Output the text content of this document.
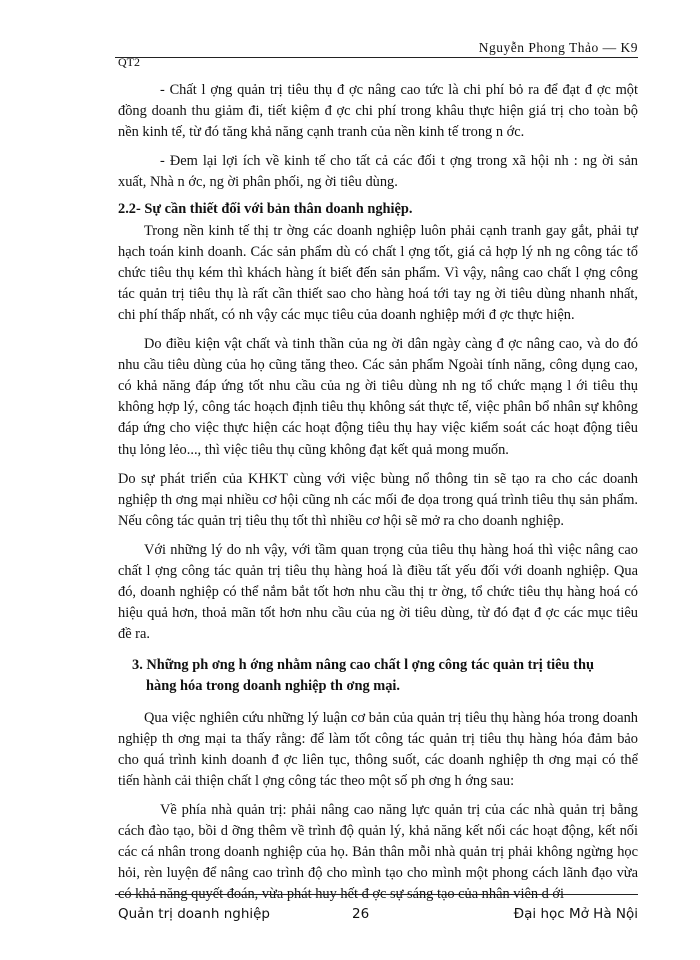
Nguyễn Phong Thảo — K9
QT2

- Chất l ợng quản trị tiêu thụ đ ợc nâng cao tức là chi phí bỏ ra để đạt đ ợc một đồng doanh thu giảm đi, tiết kiệm đ ợc chi phí trong khâu thực hiện giá trị cho toàn bộ nền kinh tế, từ đó tăng khả năng cạnh tranh của nền kinh tế trong n ớc.

- Đem lại lợi ích về kinh tế cho tất cả các đối t ợng trong xã hội nh : ng ời sản xuất, Nhà n ớc, ng ời phân phối, ng ời tiêu dùng.

2.2- Sự cần thiết đối với bản thân doanh nghiệp.

Trong nền kinh tế thị tr ờng các doanh nghiệp luôn phải cạnh tranh gay gắt, phải tự hạch toán kinh doanh. Các sản phẩm dù có chất l ợng tốt, giá cả hợp lý nh ng công tác tổ chức tiêu thụ kém thì khách hàng ít biết đến sản phẩm. Vì vậy, nâng cao chất l ợng công tác quản trị tiêu thụ là rất cần thiết sao cho hàng hoá tới tay ng ời tiêu dùng nhanh nhất, chi phí thấp nhất, có nh vậy các mục tiêu của doanh nghiệp mới đ ợc thực hiện.

Do điều kiện vật chất và tinh thần của ng ời dân ngày càng đ ợc nâng cao, và do đó nhu cầu tiêu dùng của họ cũng tăng theo. Các sản phẩm Ngoài tính năng, công dụng cao, có khả năng đáp ứng tốt nhu cầu của ng ời tiêu dùng nh ng tổ chức mạng l ới tiêu thụ không hợp lý, công tác hoạch định tiêu thụ không sát thực tế, việc phân bổ nhân sự không đáp ứng cho việc thực hiện các hoạt động tiêu thụ hay việc kiểm soát các hoạt động tiêu thụ lỏng lẻo..., thì việc tiêu thụ cũng không đạt kết quả mong muốn.

Do sự phát triển của KHKT cùng với việc bùng nổ thông tin sẽ tạo ra cho các doanh nghiệp th ơng mại nhiều cơ hội cũng nh các mối đe dọa trong quá trình tiêu thụ sản phẩm. Nếu công tác quản trị tiêu thụ tốt thì nhiều cơ hội sẽ mở ra cho doanh nghiệp.

Với những lý do nh vậy, với tầm quan trọng của tiêu thụ hàng hoá thì việc nâng cao chất l ợng công tác quản trị tiêu thụ hàng hoá là điều tất yếu đối với doanh nghiệp. Qua đó, doanh nghiệp có thể nắm bắt tốt hơn nhu cầu thị tr ờng, tổ chức tiêu thụ hàng hoá có hiệu quả hơn, thoả mãn tốt hơn nhu cầu của ng ời tiêu dùng, từ đó đạt đ ợc các mục tiêu đề ra.

3. Những ph ơng h ớng nhằm nâng cao chất l ợng công tác quản trị tiêu thụ
hàng hóa trong doanh nghiệp th ơng mại.

Qua việc nghiên cứu những lý luận cơ bản của quản trị tiêu thụ hàng hóa trong doanh nghiệp th ơng mại ta thấy rằng: để làm tốt công tác quản trị tiêu thụ hàng hóa đảm bảo cho quá trình kinh doanh đ ợc liên tục, thông suốt, các doanh nghiệp th ơng mại có thể tiến hành cải thiện chất l ợng công tác theo một số ph ơng h ớng sau:

Về phía nhà quản trị: phải nâng cao năng lực quản trị của các nhà quản trị bằng cách đào tạo, bồi d ỡng thêm về trình độ quản lý, khả năng kết nối các hoạt động, kết nối các cá nhân trong doanh nghiệp của họ. Bản thân mỗi nhà quản trị phải không ngừng học hỏi, rèn luyện để nâng cao trình độ cho mình tạo cho mình một phong cách lãnh đạo vừa có khả năng quyết đoán, vừa phát huy hết đ ợc sự sáng tạo của nhân viên d ới

Quản trị doanh nghiệp	26	Đại học Mở Hà Nội
